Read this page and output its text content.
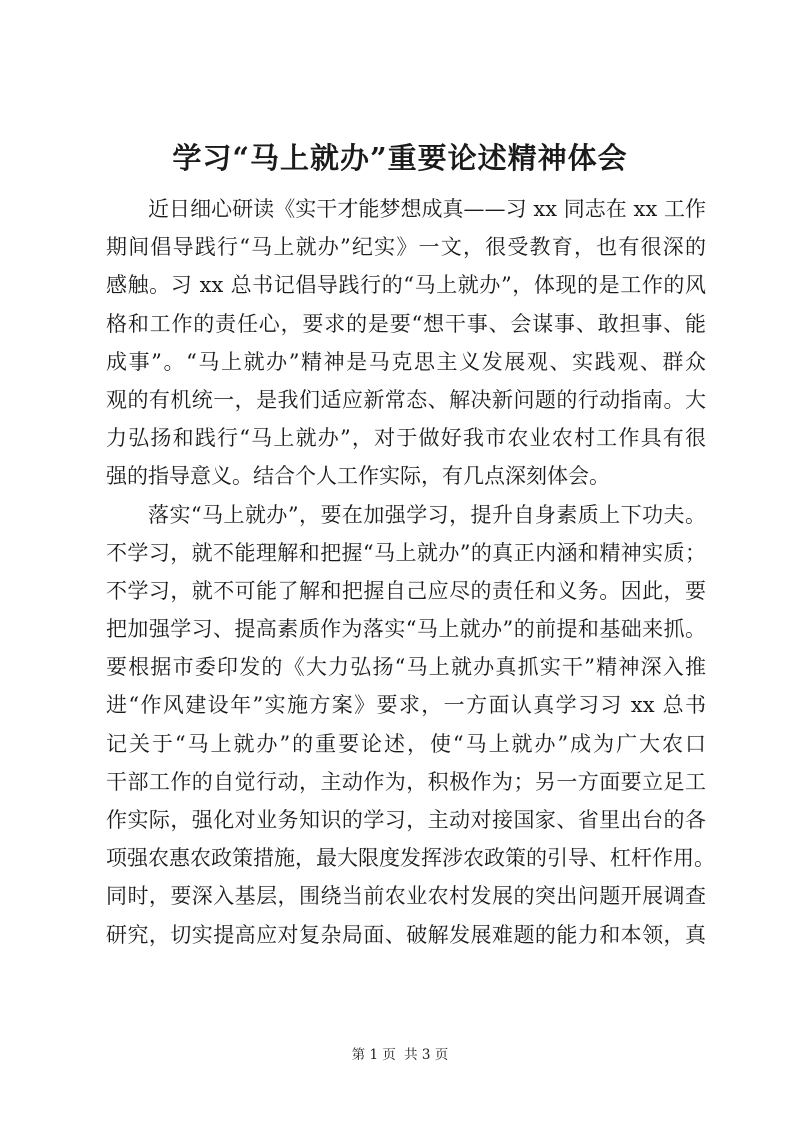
学习“马上就办”重要论述精神体会
近日细心研读《实干才能梦想成真——习 xx 同志在 xx 工作
期间倡导践行“马上就办”纪实》一文，很受教育，也有很深的
感触。习 xx 总书记倡导践行的“马上就办”，体现的是工作的风
格和工作的责任心，要求的是要“想干事、会谋事、敢担事、能
成事”。“马上就办”精神是马克思主义发展观、实践观、群众
观的有机统一，是我们适应新常态、解决新问题的行动指南。大
力弘扬和践行“马上就办”，对于做好我市农业农村工作具有很
强的指导意义。结合个人工作实际，有几点深刻体会。
落实“马上就办”，要在加强学习，提升自身素质上下功夫。
不学习，就不能理解和把握“马上就办”的真正内涵和精神实质；
不学习，就不可能了解和把握自己应尽的责任和义务。因此，要
把加强学习、提高素质作为落实“马上就办”的前提和基础来抓。
要根据市委印发的《大力弘扬“马上就办真抓实干”精神深入推
进“作风建设年”实施方案》要求，一方面认真学习习 xx 总书
记关于“马上就办”的重要论述，使“马上就办”成为广大农口
干部工作的自觉行动，主动作为，积极作为；另一方面要立足工
作实际，强化对业务知识的学习，主动对接国家、省里出台的各
项强农惠农政策措施，最大限度发挥涉农政策的引导、杠杆作用。
同时，要深入基层，围绕当前农业农村发展的突出问题开展调查
研究，切实提高应对复杂局面、破解发展难题的能力和本领，真
第 1 页 共 3 页
